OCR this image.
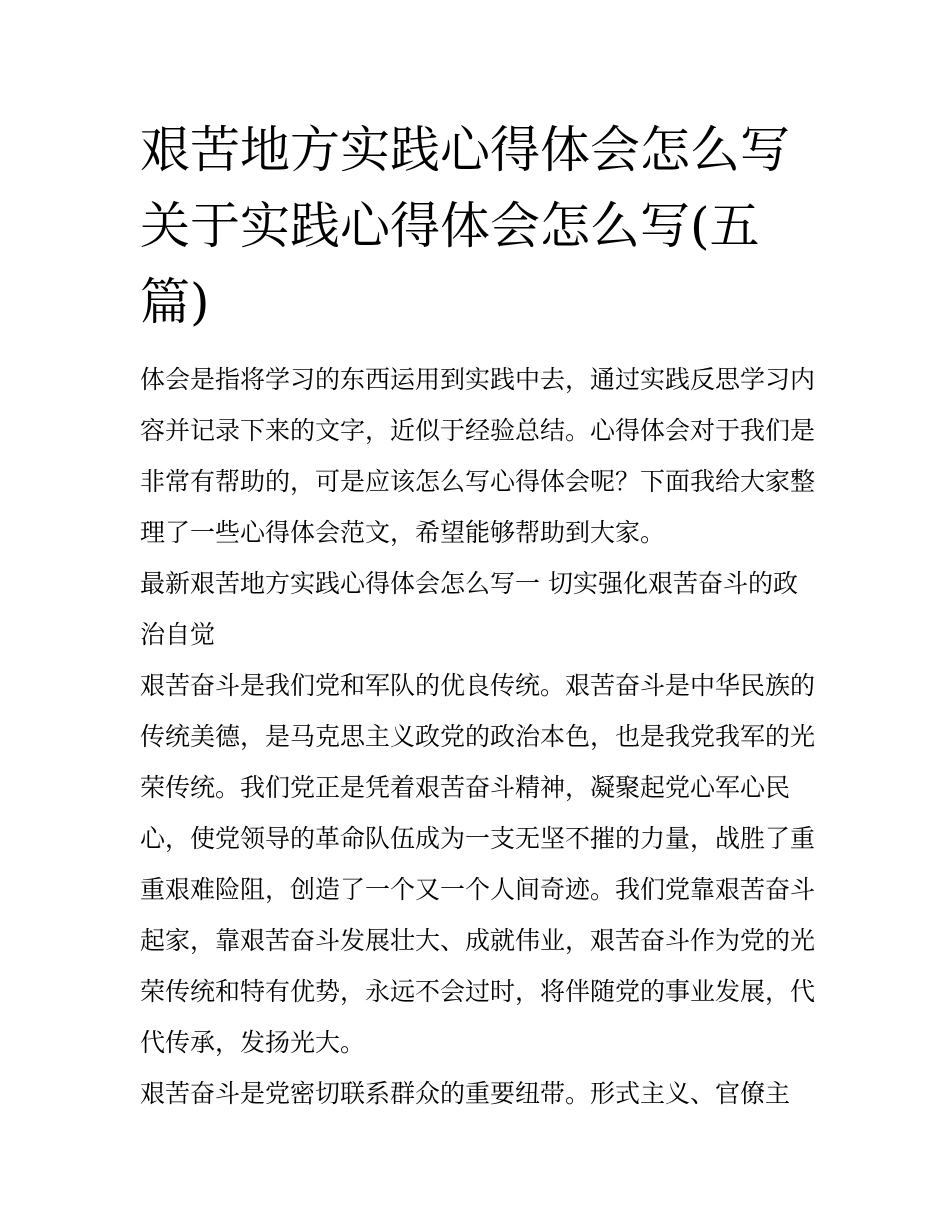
艰苦地方实践心得体会怎么写
关于实践心得体会怎么写(五
篇)

体会是指将学习的东西运用到实践中去，通过实践反思学习内
容并记录下来的文字，近似于经验总结。心得体会对于我们是
非常有帮助的，可是应该怎么写心得体会呢？下面我给大家整
理了一些心得体会范文，希望能够帮助到大家。

最新艰苦地方实践心得体会怎么写一 切实强化艰苦奋斗的政
治自觉

艰苦奋斗是我们党和军队的优良传统。艰苦奋斗是中华民族的
传统美德，是马克思主义政党的政治本色，也是我党我军的光
荣传统。我们党正是凭着艰苦奋斗精神，凝聚起党心军心民
心，使党领导的革命队伍成为一支无坚不摧的力量，战胜了重
重艰难险阻，创造了一个又一个人间奇迹。我们党靠艰苦奋斗
起家，靠艰苦奋斗发展壮大、成就伟业，艰苦奋斗作为党的光
荣传统和特有优势，永远不会过时，将伴随党的事业发展，代
代传承，发扬光大。

艰苦奋斗是党密切联系群众的重要纽带。形式主义、官僚主
